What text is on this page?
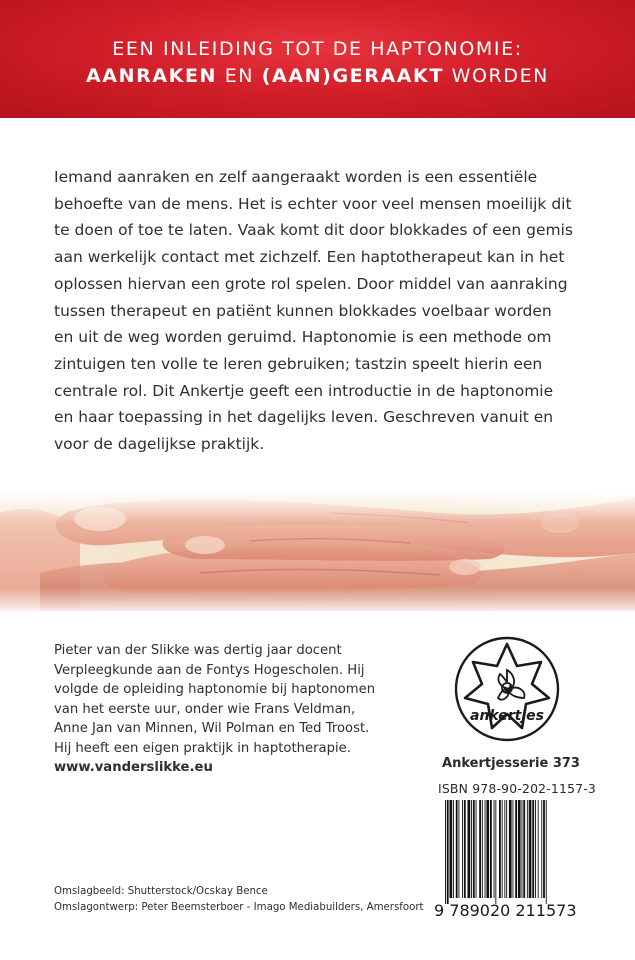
EEN INLEIDING TOT DE HAPTONOMIE:
AANRAKEN EN (AAN)GERAAKT WORDEN
Iemand aanraken en zelf aangeraakt worden is een essentiële
behoefte van de mens. Het is echter voor veel mensen moeilijk dit
te doen of toe te laten. Vaak komt dit door blokkades of een gemis
aan werkelijk contact met zichzelf. Een haptotherapeut kan in het
oplossen hiervan een grote rol spelen. Door middel van aanraking
tussen therapeut en patiënt kunnen blokkades voelbaar worden
en uit de weg worden geruimd. Haptonomie is een methode om
zintuigen ten volle te leren gebruiken; tastzin speelt hierin een
centrale rol. Dit Ankertje geeft een introductie in de haptonomie
en haar toepassing in het dagelijks leven. Geschreven vanuit en
voor de dagelijkse praktijk.
Pieter van der Slikke was dertig jaar docent
Verpleegkunde aan de Fontys Hogescholen. Hij
volgde de opleiding haptonomie bij haptonomen
van het eerste uur, onder wie Frans Veldman,
Anne Jan van Minnen, Wil Polman en Ted Troost.
Hij heeft een eigen praktijk in haptotherapie.
www.vanderslikke.eu
ankertjes
Ankertjesserie 373
ISBN 978-90-202-1157-3
9 789020 211573
Omslagbeeld: Shutterstock/Ocskay Bence
Omslagontwerp: Peter Beemsterboer - Imago Mediabuilders, Amersfoort
